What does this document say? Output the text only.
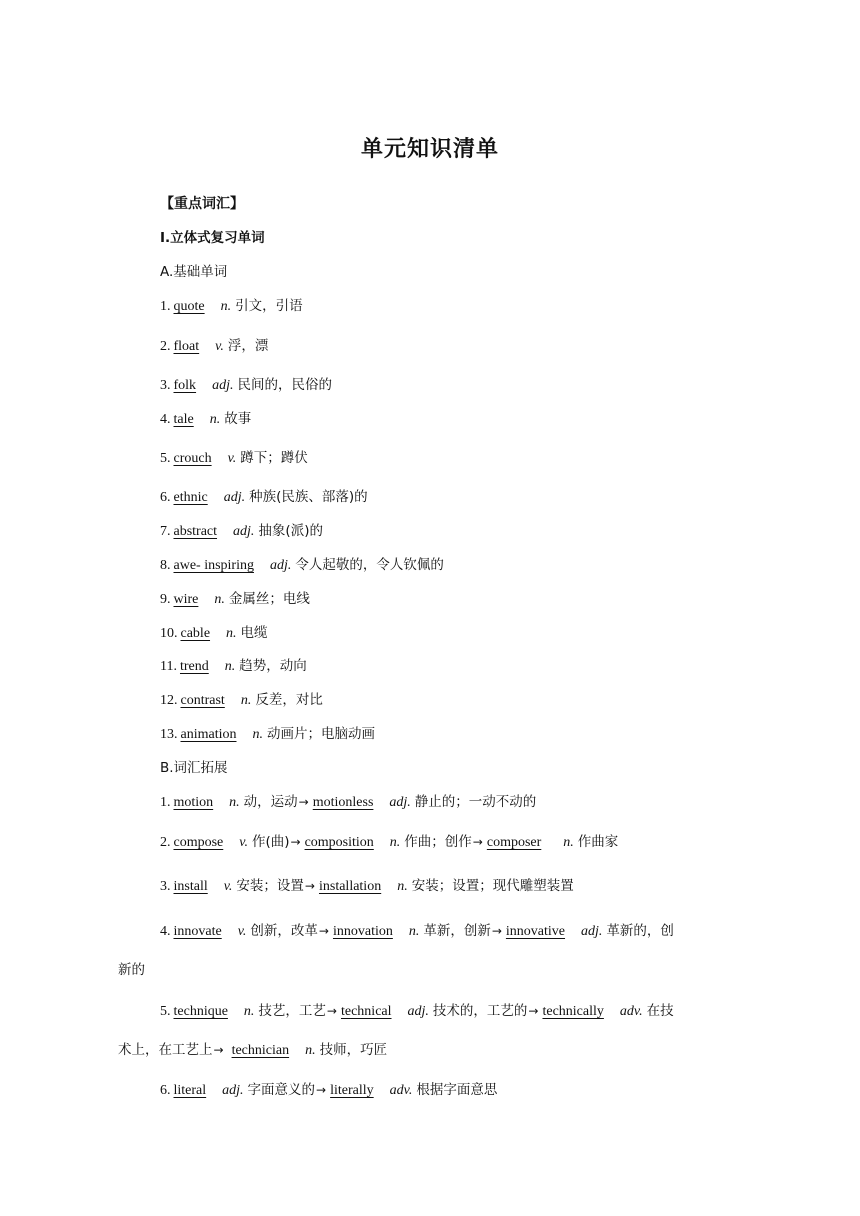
单元知识清单
【重点词汇】
Ⅰ.立体式复习单词
A.基础单词
1. quote n. 引文，引语
2. float v. 浮，漂
3. folk adj. 民间的，民俗的
4. tale n. 故事
5. crouch v. 蹲下；蹲伏
6. ethnic adj. 种族(民族、部落)的
7. abstract adj. 抽象(派)的
8. awe- inspiring adj. 令人起敬的，令人钦佩的
9. wire n. 金属丝；电线
10. cable n. 电缆
11. trend n. 趋势，动向
12. contrast n. 反差，对比
13. animation n. 动画片；电脑动画
B.词汇拓展
1. motion n. 动，运动→ motionless adj. 静止的；一动不动的
2. compose v. 作(曲)→ composition n. 作曲；创作→ composer n. 作曲家
3. install v. 安装；设置→ installation n. 安装；设置；现代雕塑装置
4. innovate v. 创新，改革→ innovation n. 革新，创新→ innovative adj. 革新的，创
新的
5. technique n. 技艺，工艺→ technical adj. 技术的，工艺的→ technically adv. 在技
术上，在工艺上→ technician n. 技师，巧匠
6. literal adj. 字面意义的→ literally adv. 根据字面意思
